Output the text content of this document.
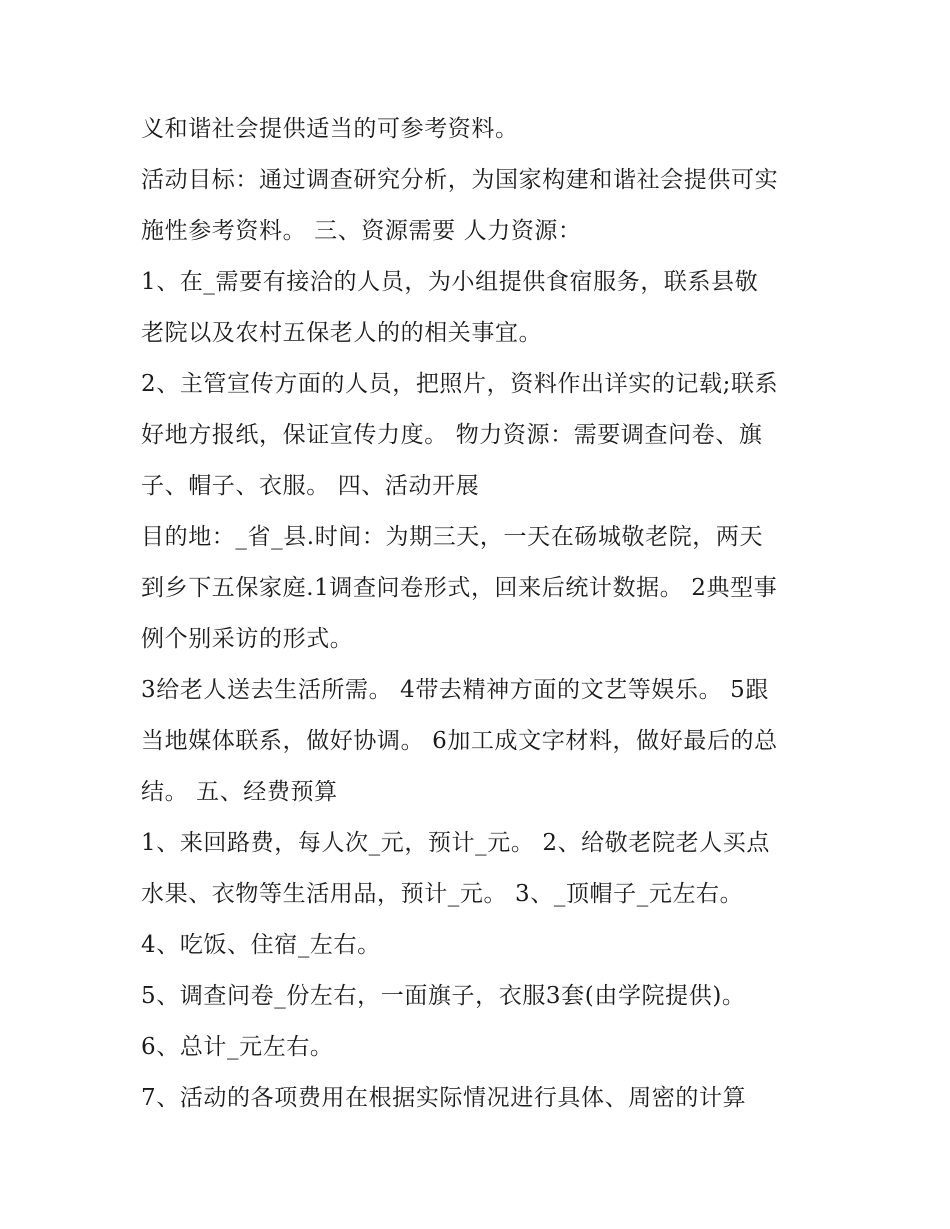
义和谐社会提供适当的可参考资料。
活动目标：通过调查研究分析，为国家构建和谐社会提供可实
施性参考资料。 三、资源需要 人力资源：
1、在_需要有接洽的人员，为小组提供食宿服务，联系县敬
老院以及农村五保老人的的相关事宜。
2、主管宣传方面的人员，把照片，资料作出详实的记载;联系
好地方报纸，保证宣传力度。 物力资源：需要调查问卷、旗
子、帽子、衣服。 四、活动开展
目的地：_省_县.时间：为期三天，一天在砀城敬老院，两天
到乡下五保家庭.1调查问卷形式，回来后统计数据。 2典型事
例个别采访的形式。
3给老人送去生活所需。 4带去精神方面的文艺等娱乐。 5跟
当地媒体联系，做好协调。 6加工成文字材料，做好最后的总
结。 五、经费预算
1、来回路费，每人次_元，预计_元。 2、给敬老院老人买点
水果、衣物等生活用品，预计_元。 3、_顶帽子_元左右。
4、吃饭、住宿_左右。
5、调查问卷_份左右，一面旗子，衣服3套(由学院提供)。
6、总计_元左右。
7、活动的各项费用在根据实际情况进行具体、周密的计算
